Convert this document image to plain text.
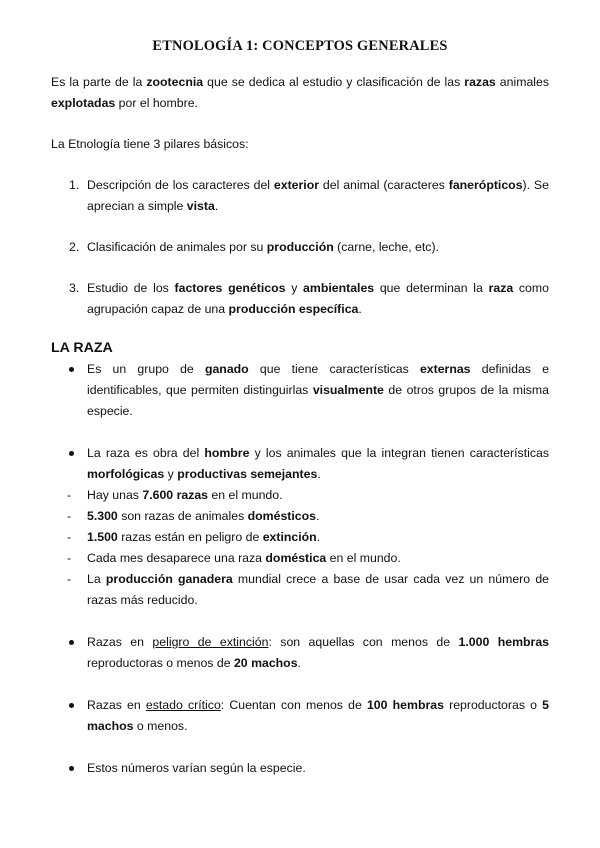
ETNOLOGÍA 1: CONCEPTOS GENERALES

Es la parte de la zootecnia que se dedica al estudio y clasificación de las razas animales explotadas por el hombre.

La Etnología tiene 3 pilares básicos:

1. Descripción de los caracteres del exterior del animal (caracteres fanerópticos). Se aprecian a simple vista.
2. Clasificación de animales por su producción (carne, leche, etc).
3. Estudio de los factores genéticos y ambientales que determinan la raza como agrupación capaz de una producción específica.
LA RAZA
Es un grupo de ganado que tiene características externas definidas e identificables, que permiten distinguirlas visualmente de otros grupos de la misma especie.
La raza es obra del hombre y los animales que la integran tienen características morfológicas y productivas semejantes.
- Hay unas 7.600 razas en el mundo.
- 5.300 son razas de animales domésticos.
- 1.500 razas están en peligro de extinción.
- Cada mes desaparece una raza doméstica en el mundo.
- La producción ganadera mundial crece a base de usar cada vez un número de razas más reducido.
Razas en peligro de extinción: son aquellas con menos de 1.000 hembras reproductoras o menos de 20 machos.
Razas en estado crítico: Cuentan con menos de 100 hembras reproductoras o 5 machos o menos.
Estos números varían según la especie.
